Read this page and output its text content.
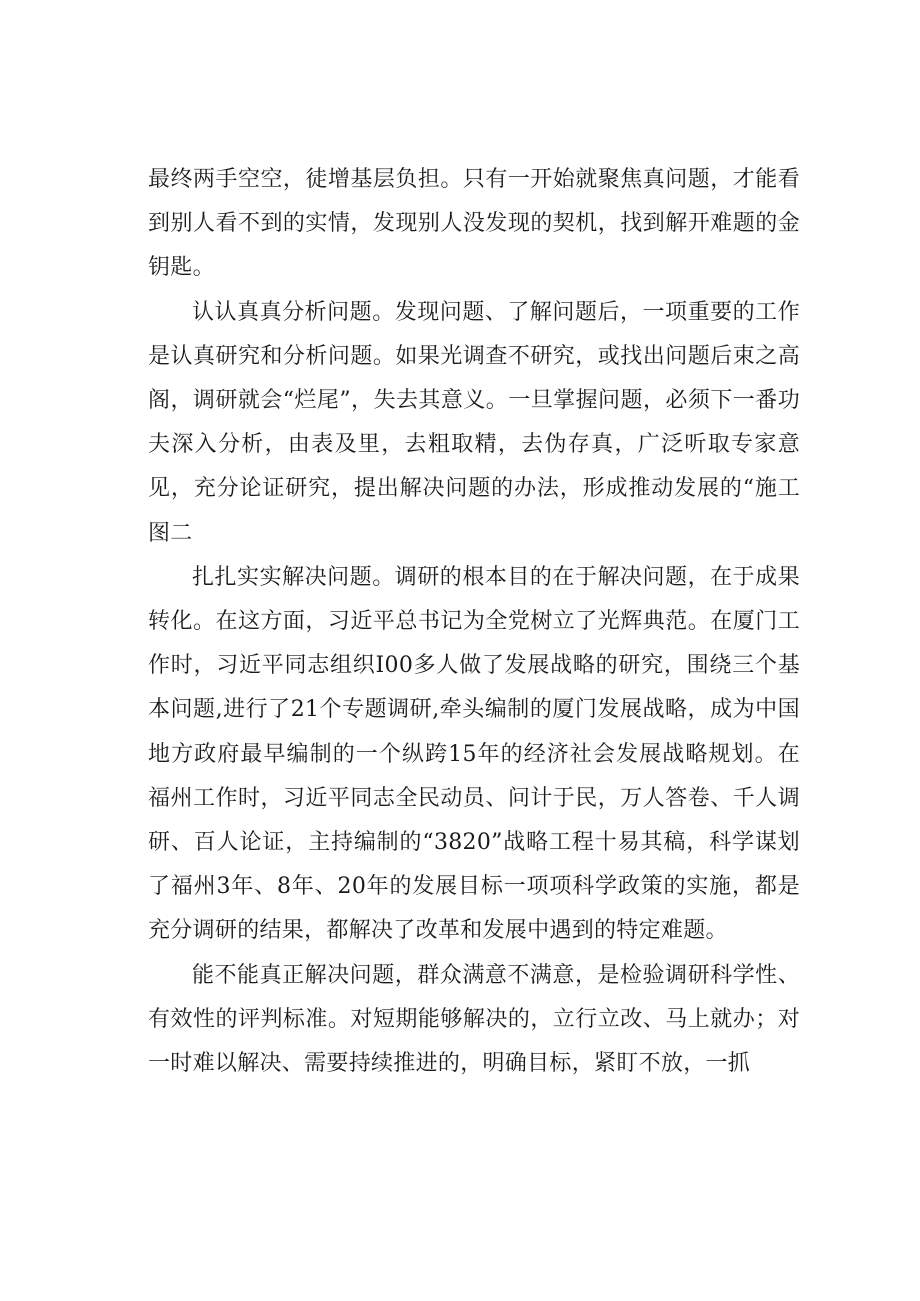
最终两手空空，徒增基层负担。只有一开始就聚焦真问题，才能看到别人看不到的实情，发现别人没发现的契机，找到解开难题的金钥匙。

认认真真分析问题。发现问题、了解问题后，一项重要的工作是认真研究和分析问题。如果光调查不研究，或找出问题后束之高阁，调研就会“烂尾”，失去其意义。一旦掌握问题，必须下一番功夫深入分析，由表及里，去粗取精，去伪存真，广泛听取专家意见，充分论证研究，提出解决问题的办法，形成推动发展的“施工图二

扎扎实实解决问题。调研的根本目的在于解决问题，在于成果转化。在这方面，习近平总书记为全党树立了光辉典范。在厦门工作时，习近平同志组织I00多人做了发展战略的研究，围绕三个基本问题,进行了21个专题调研,牵头编制的厦门发展战略，成为中国地方政府最早编制的一个纵跨15年的经济社会发展战略规划。在福州工作时，习近平同志全民动员、问计于民，万人答卷、千人调研、百人论证，主持编制的“3820”战略工程十易其稿，科学谋划了福州3年、8年、20年的发展目标一项项科学政策的实施，都是充分调研的结果，都解决了改革和发展中遇到的特定难题。

能不能真正解决问题，群众满意不满意，是检验调研科学性、有效性的评判标准。对短期能够解决的，立行立改、马上就办；对一时难以解决、需要持续推进的，明确目标，紧盯不放，一抓
